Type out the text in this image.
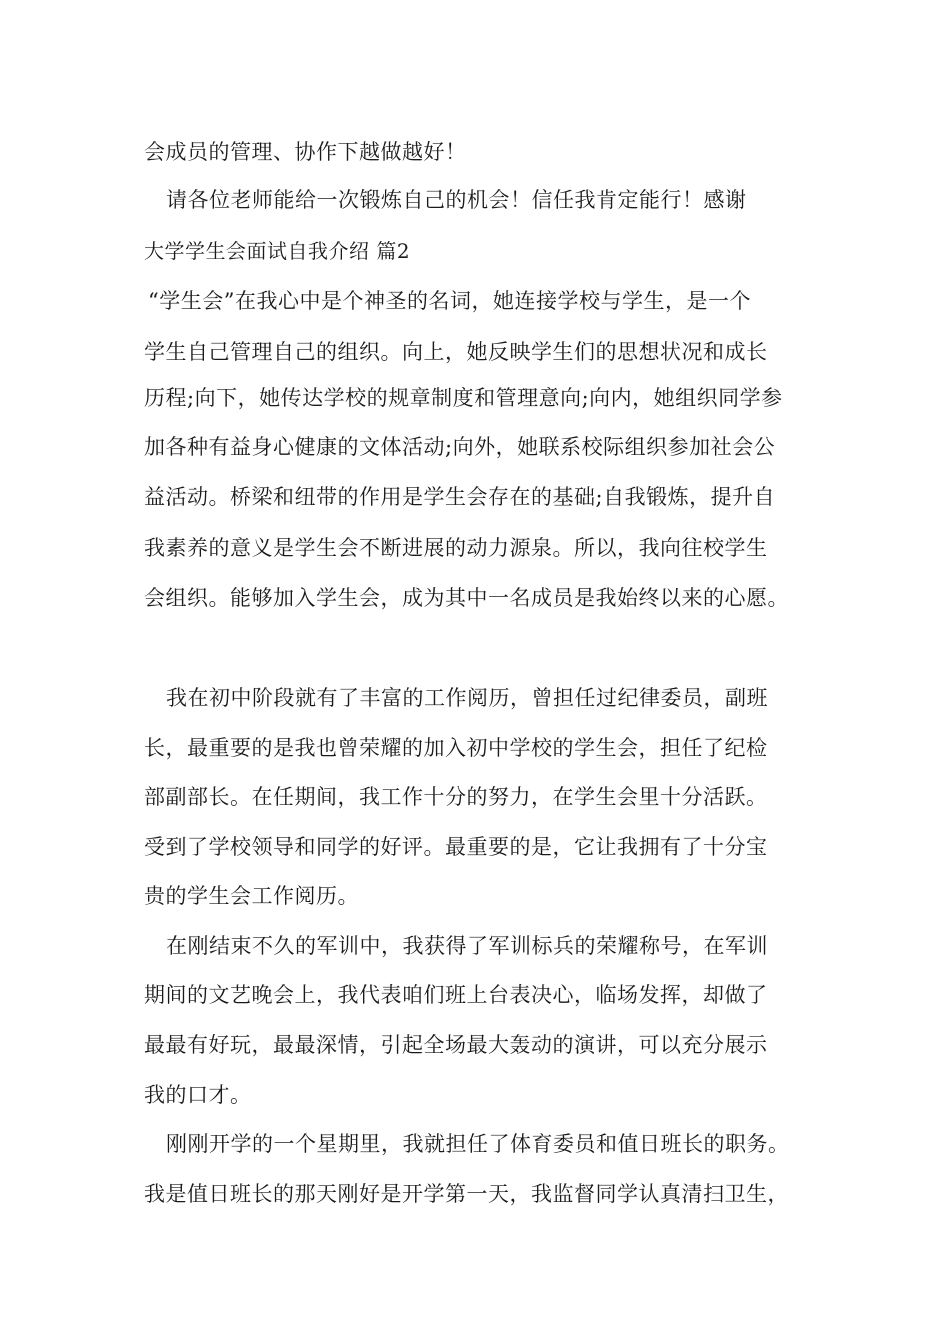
会成员的管理、协作下越做越好！
请各位老师能给一次锻炼自己的机会！信任我肯定能行！感谢
大学学生会面试自我介绍 篇2
“学生会”在我心中是个神圣的名词，她连接学校与学生，是一个
学生自己管理自己的组织。向上，她反映学生们的思想状况和成长
历程;向下，她传达学校的规章制度和管理意向;向内，她组织同学参
加各种有益身心健康的文体活动;向外，她联系校际组织参加社会公
益活动。桥梁和纽带的作用是学生会存在的基础;自我锻炼，提升自
我素养的意义是学生会不断进展的动力源泉。所以，我向往校学生
会组织。能够加入学生会，成为其中一名成员是我始终以来的心愿。
我在初中阶段就有了丰富的工作阅历，曾担任过纪律委员，副班
长，最重要的是我也曾荣耀的加入初中学校的学生会，担任了纪检
部副部长。在任期间，我工作十分的努力，在学生会里十分活跃。
受到了学校领导和同学的好评。最重要的是，它让我拥有了十分宝
贵的学生会工作阅历。
在刚结束不久的军训中，我获得了军训标兵的荣耀称号，在军训
期间的文艺晚会上，我代表咱们班上台表决心，临场发挥，却做了
最最有好玩，最最深情，引起全场最大轰动的演讲，可以充分展示
我的口才。
刚刚开学的一个星期里，我就担任了体育委员和值日班长的职务。
我是值日班长的那天刚好是开学第一天，我监督同学认真清扫卫生，
